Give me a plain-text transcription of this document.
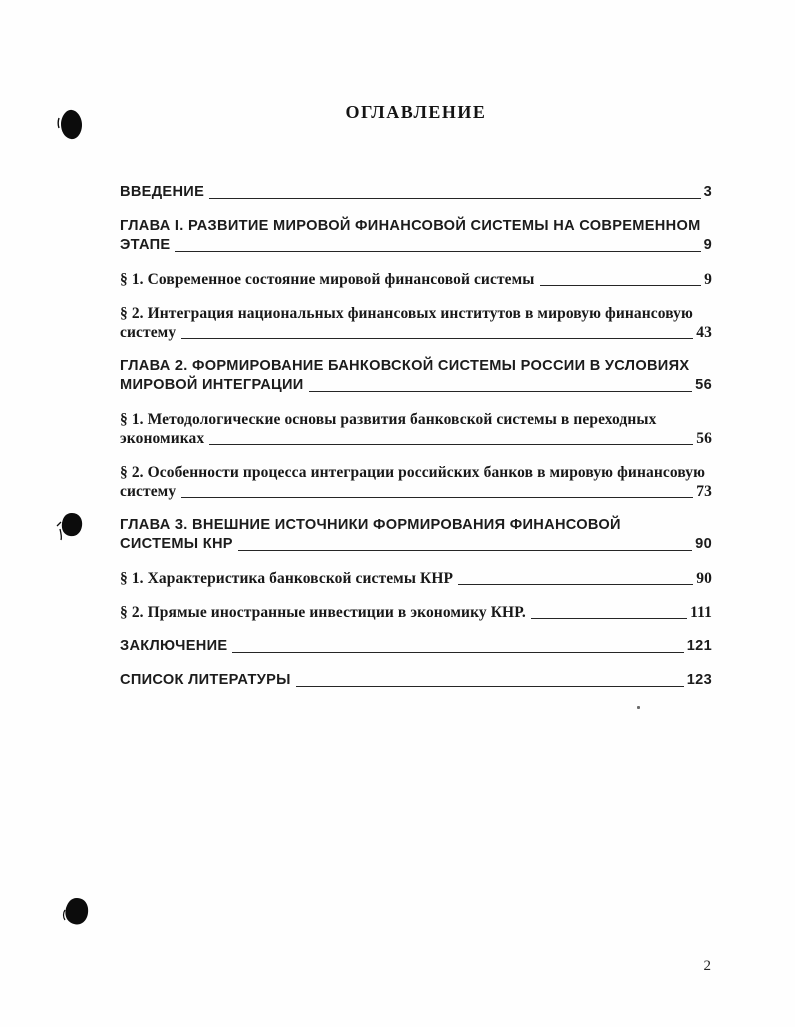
ОГЛАВЛЕНИЕ
ВВЕДЕНИЕ	3
ГЛАВА I. РАЗВИТИЕ МИРОВОЙ ФИНАНСОВОЙ СИСТЕМЫ НА СОВРЕМЕННОМ
ЭТАПЕ	9
§ 1. Современное состояние мировой финансовой системы	9
§ 2. Интеграция национальных финансовых институтов в мировую финансовую
систему	43
ГЛАВА 2. ФОРМИРОВАНИЕ БАНКОВСКОЙ СИСТЕМЫ РОССИИ В УСЛОВИЯХ
МИРОВОЙ ИНТЕГРАЦИИ	56
§ 1. Методологические основы развития банковской системы в переходных
экономиках	56
§ 2. Особенности процесса интеграции российских банков в мировую финансовую
систему	73
ГЛАВА 3. ВНЕШНИЕ ИСТОЧНИКИ ФОРМИРОВАНИЯ ФИНАНСОВОЙ
СИСТЕМЫ КНР	90
§ 1. Характеристика банковской системы КНР	90
§ 2. Прямые иностранные инвестиции в экономику КНР.	111
ЗАКЛЮЧЕНИЕ	121
СПИСОК ЛИТЕРАТУРЫ	123
2
